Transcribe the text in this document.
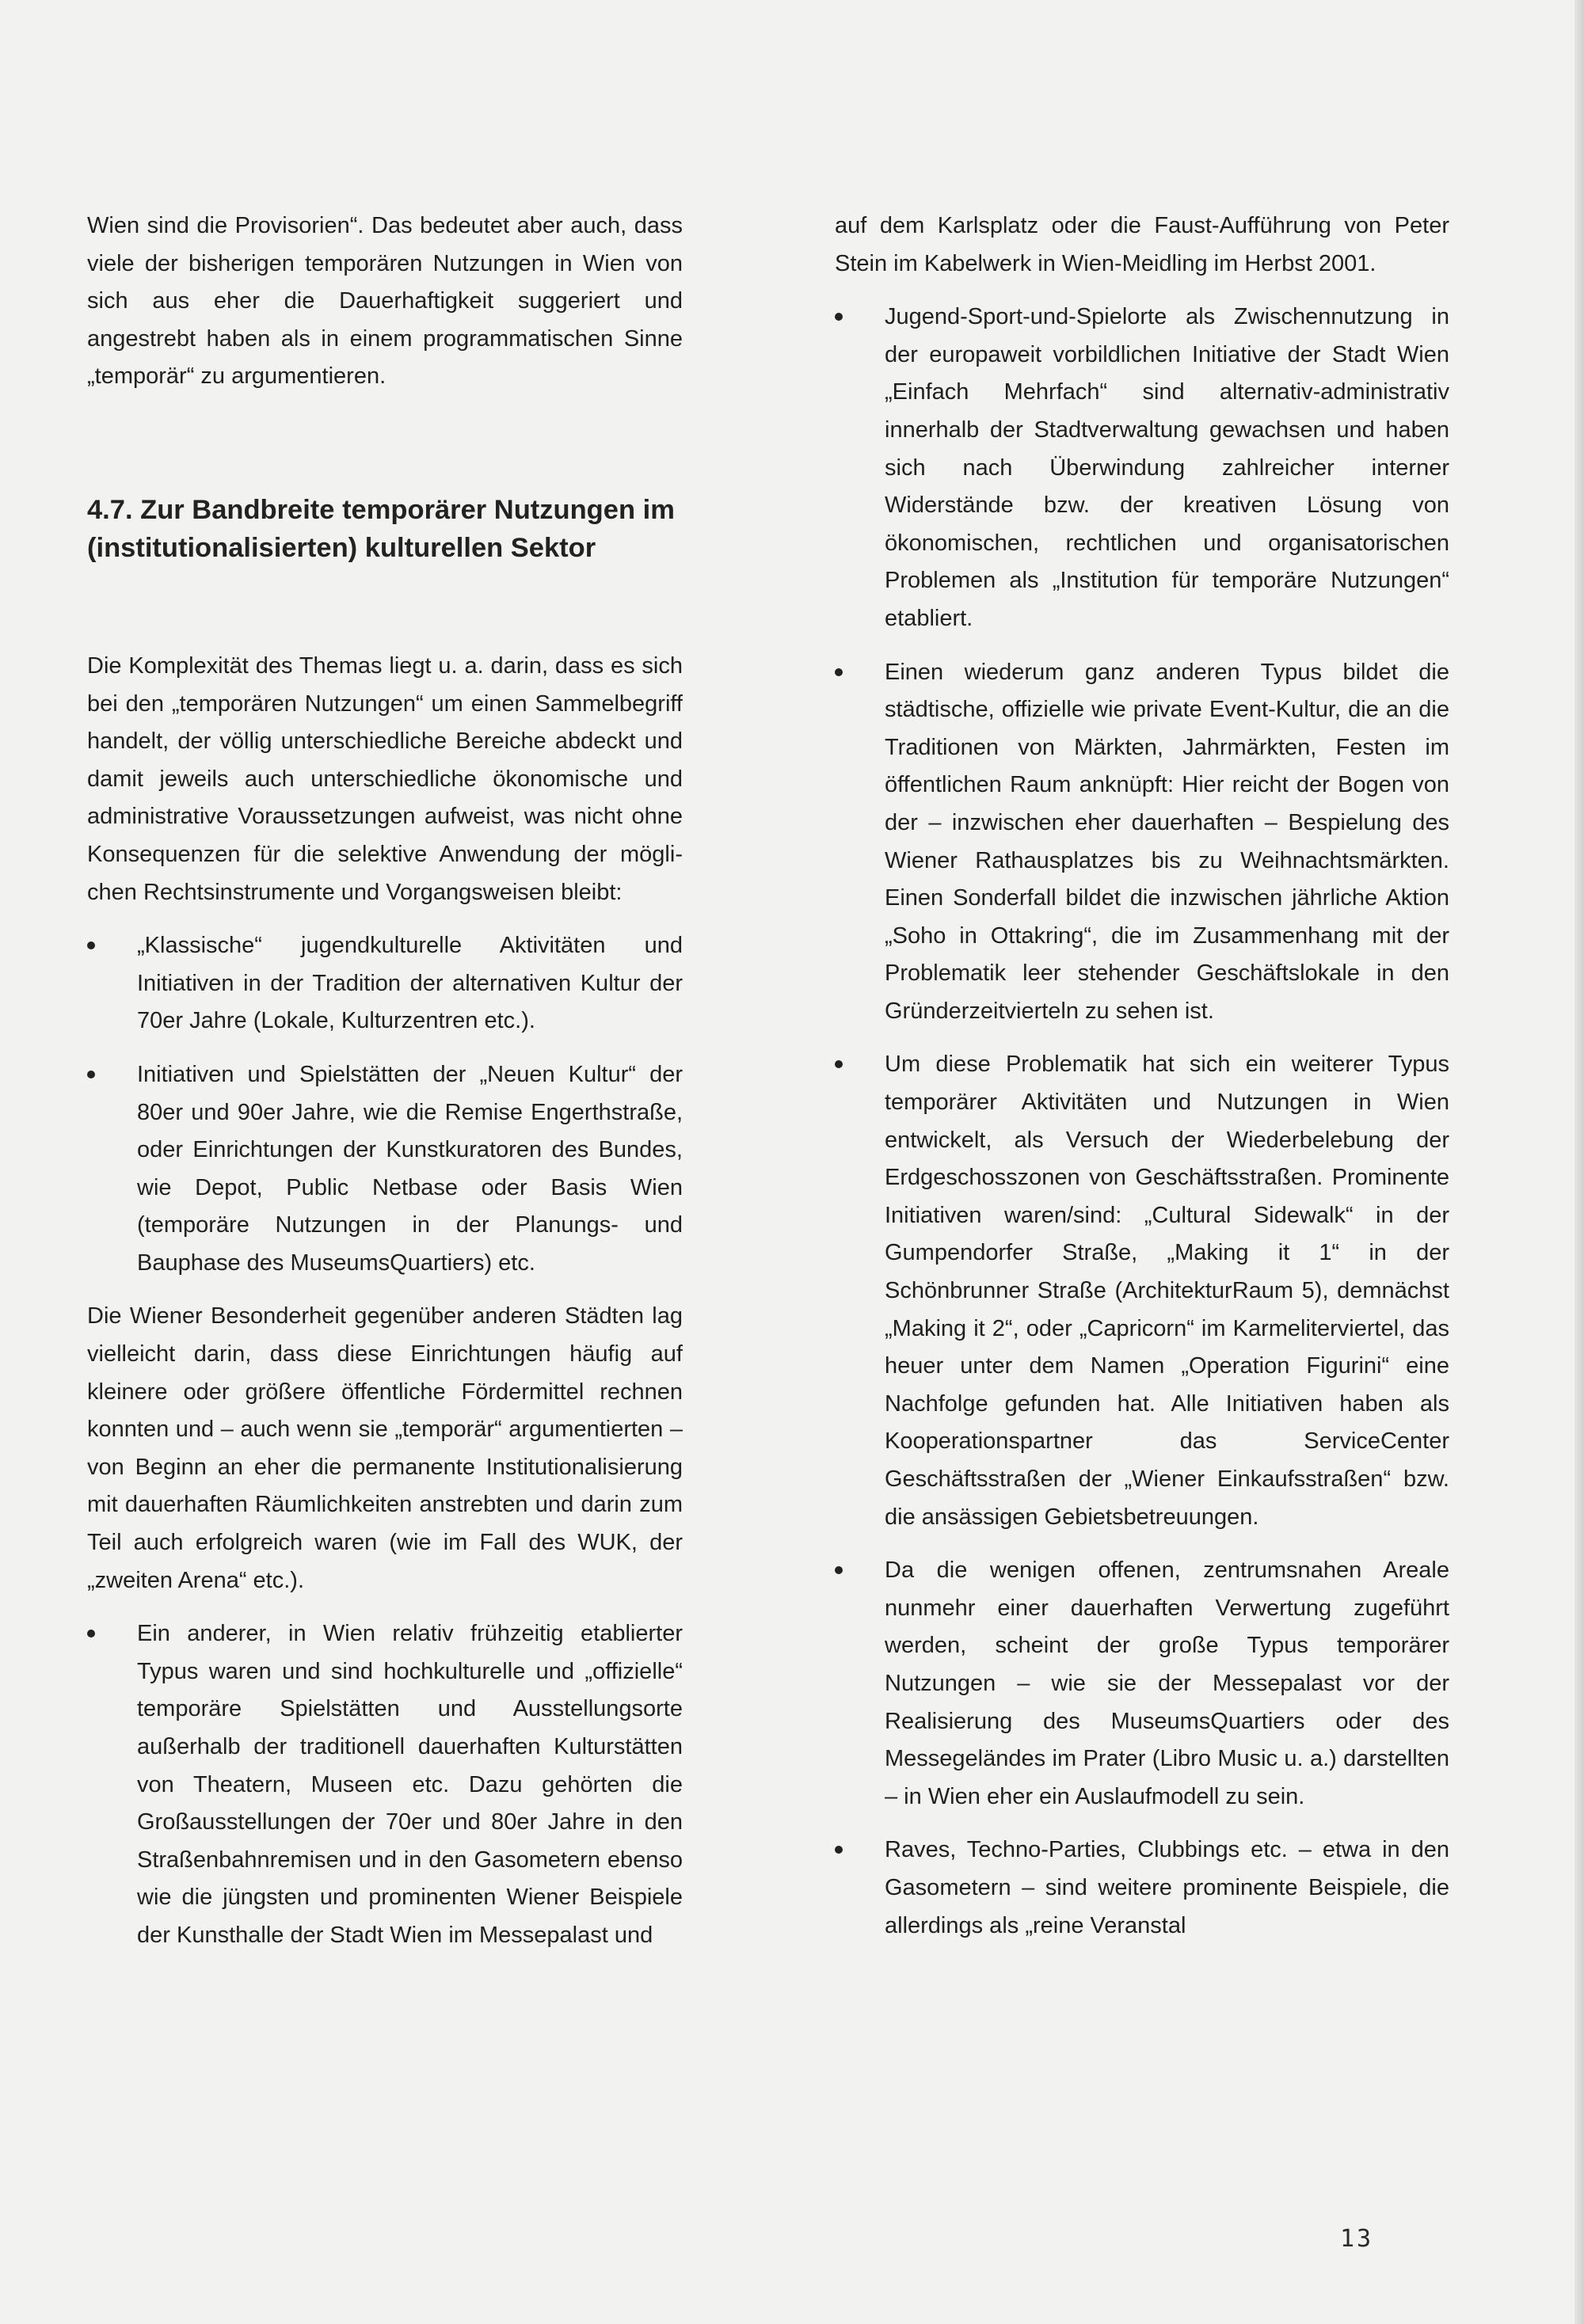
Wien sind die Provisorien“. Das bedeutet aber auch, dass viele der bisherigen temporären Nutzungen in Wien von sich aus eher die Dauerhaftigkeit suggeriert und angestrebt haben als in einem programmatischen Sinne „temporär“ zu argumentieren.

4.7. Zur Bandbreite temporärer Nutzungen im (institutionalisierten) kulturellen Sektor

Die Komplexität des Themas liegt u. a. darin, dass es sich bei den „temporären Nutzungen“ um einen Sammelbegriff handelt, der völlig unterschiedliche Bereiche abdeckt und damit jeweils auch unterschiedliche ökonomische und administrative Voraussetzungen aufweist, was nicht ohne Konsequenzen für die selektive Anwendung der möglichen Rechtsinstrumente und Vorgangsweisen bleibt:

„Klassische“ jugendkulturelle Aktivitäten und Initiativen in der Tradition der alternativen Kultur der 70er Jahre (Lokale, Kulturzentren etc.).

Initiativen und Spielstätten der „Neuen Kultur“ der 80er und 90er Jahre, wie die Remise Engerthstraße, oder Einrichtungen der Kunstkuratoren des Bundes, wie Depot, Public Netbase oder Basis Wien (temporäre Nutzungen in der Planungs- und Bauphase des MuseumsQuartiers) etc.

Die Wiener Besonderheit gegenüber anderen Städten lag vielleicht darin, dass diese Einrichtungen häufig auf kleinere oder größere öffentliche Fördermittel rechnen konnten und – auch wenn sie „temporär“ argumentierten – von Beginn an eher die permanente Institutionalisierung mit dauerhaften Räumlichkeiten anstrebten und darin zum Teil auch erfolgreich waren (wie im Fall des WUK, der „zweiten Arena“ etc.).

Ein anderer, in Wien relativ frühzeitig etablierter Typus waren und sind hochkulturelle und „offizielle“ temporäre Spielstätten und Ausstellungsorte außerhalb der traditionell dauerhaften Kulturstätten von Theatern, Museen etc. Dazu gehörten die Großausstellungen der 70er und 80er Jahre in den Straßenbahnremisen und in den Gasometern ebenso wie die jüngsten und prominenten Wiener Beispiele der Kunsthalle der Stadt Wien im Messepalast und

auf dem Karlsplatz oder die Faust-Aufführung von Peter Stein im Kabelwerk in Wien-Meidling im Herbst 2001.

Jugend-Sport-und-Spielorte als Zwischennutzung in der europaweit vorbildlichen Initiative der Stadt Wien „Einfach Mehrfach“ sind alternativ-administrativ innerhalb der Stadtverwaltung gewachsen und haben sich nach Überwindung zahlreicher interner Widerstände bzw. der kreativen Lösung von ökonomischen, rechtlichen und organisatorischen Problemen als „Institution für temporäre Nutzungen“ etabliert.

Einen wiederum ganz anderen Typus bildet die städtische, offizielle wie private Event-Kultur, die an die Traditionen von Märkten, Jahrmärkten, Festen im öffentlichen Raum anknüpft: Hier reicht der Bogen von der – inzwischen eher dauerhaften – Bespielung des Wiener Rathausplatzes bis zu Weihnachtsmärkten. Einen Sonderfall bildet die inzwischen jährliche Aktion „Soho in Ottakring“, die im Zusammenhang mit der Problematik leer stehender Geschäftslokale in den Gründerzeitvierteln zu sehen ist.

Um diese Problematik hat sich ein weiterer Typus temporärer Aktivitäten und Nutzungen in Wien entwickelt, als Versuch der Wiederbelebung der Erdgeschosszonen von Geschäftsstraßen. Prominente Initiativen waren/sind: „Cultural Sidewalk“ in der Gumpendorfer Straße, „Making it 1“ in der Schönbrunner Straße (ArchitekturRaum 5), demnächst „Making it 2“, oder „Capricorn“ im Karmeliterviertel, das heuer unter dem Namen „Operation Figurini“ eine Nachfolge gefunden hat. Alle Initiativen haben als Kooperationspartner das ServiceCenter Geschäftsstraßen der „Wiener Einkaufsstraßen“ bzw. die ansässigen Gebietsbetreuungen.

Da die wenigen offenen, zentrumsnahen Areale nunmehr einer dauerhaften Verwertung zugeführt werden, scheint der große Typus temporärer Nutzungen – wie sie der Messepalast vor der Realisierung des MuseumsQuartiers oder des Messegeländes im Prater (Libro Music u. a.) darstellten – in Wien eher ein Auslaufmodell zu sein.

Raves, Techno-Parties, Clubbings etc. – etwa in den Gasometern – sind weitere prominente Beispiele, die allerdings als „reine Veranstal

13
